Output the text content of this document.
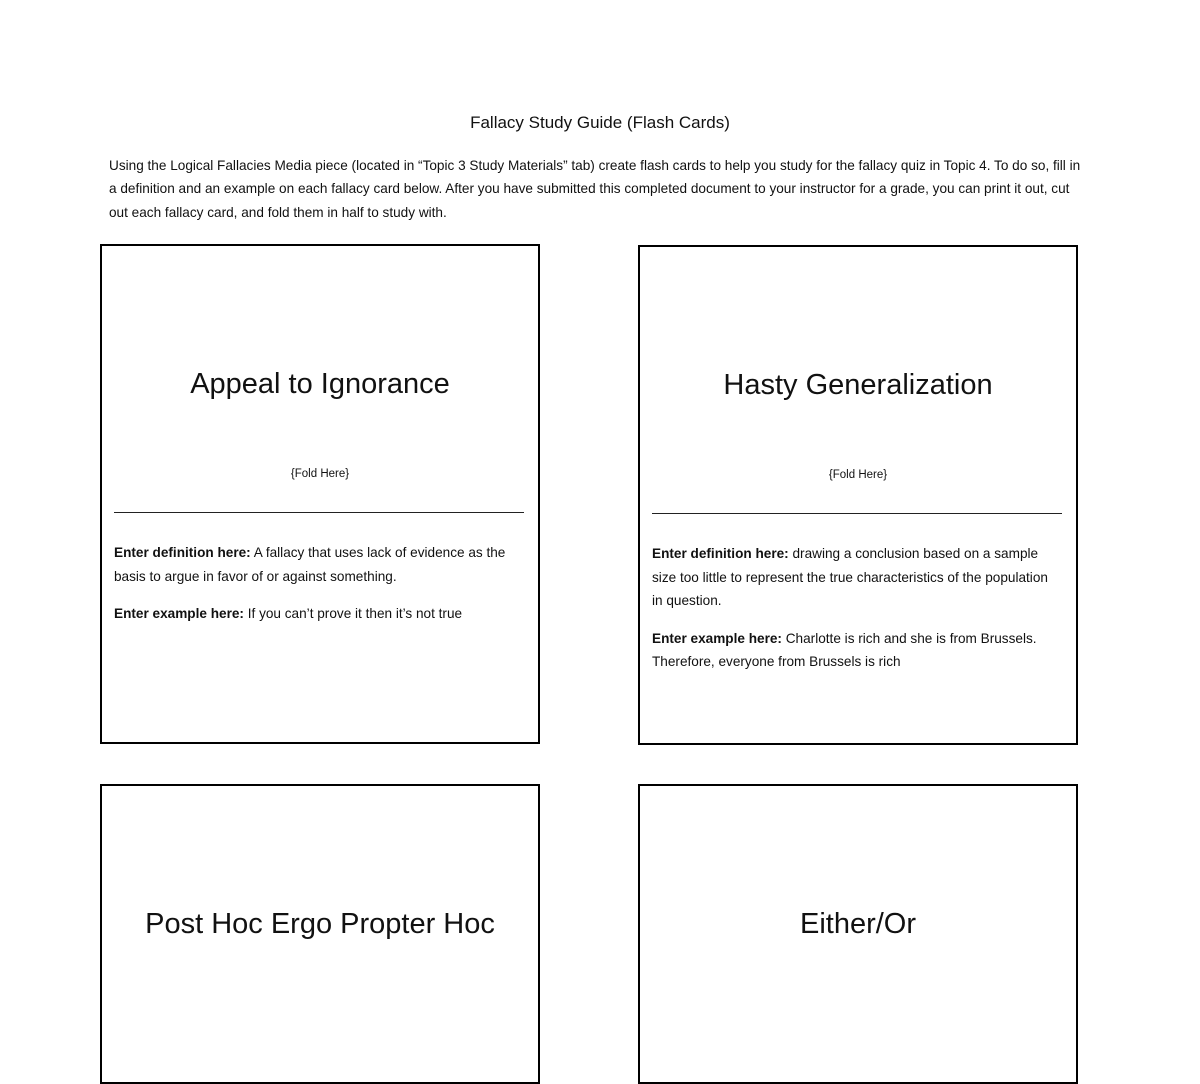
Fallacy Study Guide (Flash Cards)

Using the Logical Fallacies Media piece (located in “Topic 3 Study Materials” tab) create flash cards to help you study for the fallacy quiz in Topic 4. To do so, fill in a definition and an example on each fallacy card below. After you have submitted this completed document to your instructor for a grade, you can print it out, cut out each fallacy card, and fold them in half to study with.

Appeal to Ignorance
{Fold Here}

Enter definition here: A fallacy that uses lack of evidence as the basis to argue in favor of or against something.

Enter example here: If you can’t prove it then it’s not true

Hasty Generalization
{Fold Here}

Enter definition here: drawing a conclusion based on a sample size too little to represent the true characteristics of the population in question.

Enter example here: Charlotte is rich and she is from Brussels. Therefore, everyone from Brussels is rich

Post Hoc Ergo Propter Hoc	Either/Or
